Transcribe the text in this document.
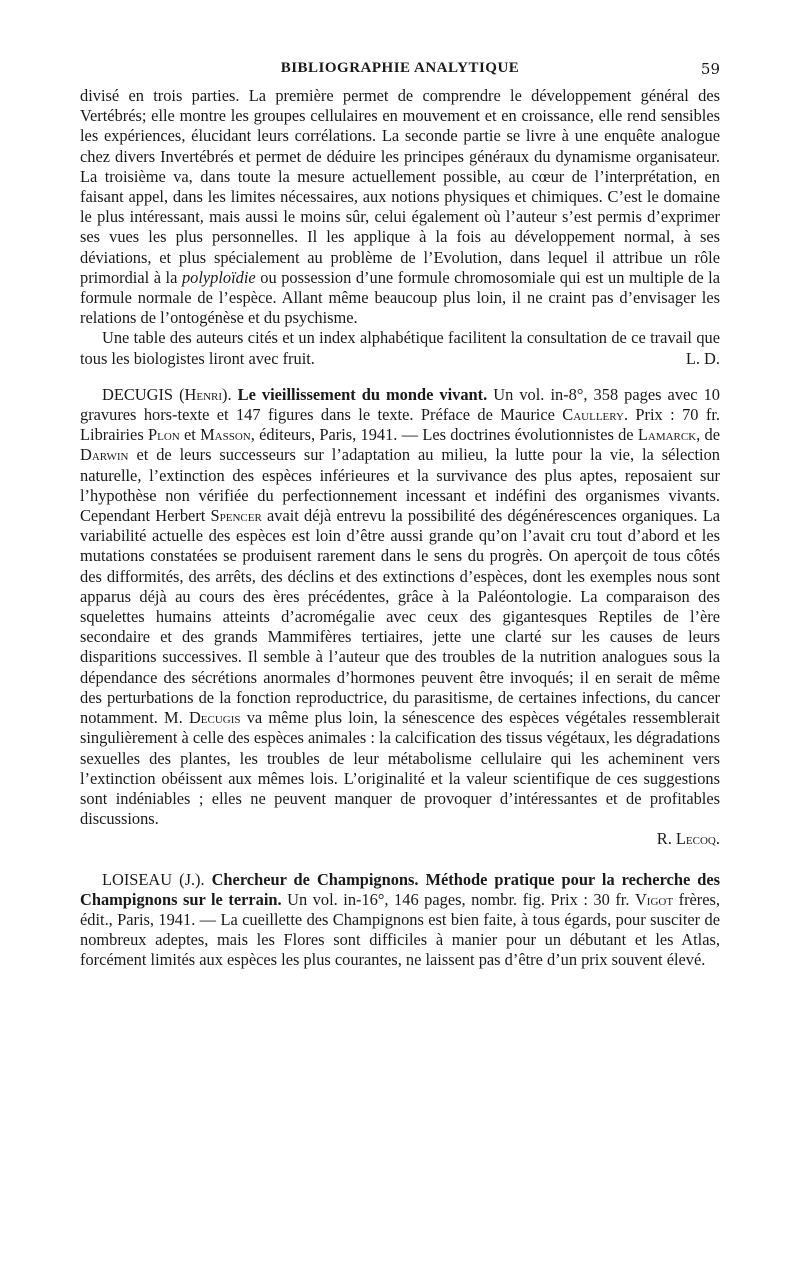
BIBLIOGRAPHIE ANALYTIQUE	59

divisé en trois parties. La première permet de comprendre le développement général des Vertébrés; elle montre les groupes cellulaires en mouvement et en croissance, elle rend sensibles les expériences, élucidant leurs corrélations. La seconde partie se livre à une enquête analogue chez divers Invertébrés et permet de déduire les principes généraux du dynamisme organisateur. La troisième va, dans toute la mesure actuellement possible, au cœur de l’interprétation, en faisant appel, dans les limites nécessaires, aux notions physiques et chimiques. C’est le domaine le plus intéressant, mais aussi le moins sûr, celui également où l’auteur s’est permis d’exprimer ses vues les plus personnelles. Il les applique à la fois au développement normal, à ses déviations, et plus spécialement au problème de l’Evolution, dans lequel il attribue un rôle primordial à la polyploïdie ou possession d’une formule chromosomiale qui est un multiple de la formule normale de l’espèce. Allant même beaucoup plus loin, il ne craint pas d’envisager les relations de l’ontogénèse et du psychisme.

Une table des auteurs cités et un index alphabétique facilitent la consultation de ce travail que tous les biologistes liront avec fruit.	L. D.

DECUGIS (Henri). Le vieillissement du monde vivant. Un vol. in-8°, 358 pages avec 10 gravures hors-texte et 147 figures dans le texte. Préface de Maurice Caullery. Prix : 70 fr. Librairies Plon et Masson, éditeurs, Paris, 1941. — Les doctrines évolutionnistes de Lamarck, de Darwin et de leurs successeurs sur l’adaptation au milieu, la lutte pour la vie, la sélection naturelle, l’extinction des espèces inférieures et la survivance des plus aptes, reposaient sur l’hypothèse non vérifiée du perfectionnement incessant et indéfini des organismes vivants. Cependant Herbert Spencer avait déjà entrevu la possibilité des dégénérescences organiques. La variabilité actuelle des espèces est loin d’être aussi grande qu’on l’avait cru tout d’abord et les mutations constatées se produisent rarement dans le sens du progrès. On aperçoit de tous côtés des difformités, des arrêts, des déclins et des extinctions d’espèces, dont les exemples nous sont apparus déjà au cours des ères précédentes, grâce à la Paléontologie. La comparaison des squelettes humains atteints d’acromégalie avec ceux des gigantesques Reptiles de l’ère secondaire et des grands Mammifères tertiaires, jette une clarté sur les causes de leurs disparitions successives. Il semble à l’auteur que des troubles de la nutrition analogues sous la dépendance des sécrétions anormales d’hormones peuvent être invoqués; il en serait de même des perturbations de la fonction reproductrice, du parasitisme, de certaines infections, du cancer notamment. M. Decugis va même plus loin, la sénescence des espèces végétales ressemblerait singulièrement à celle des espèces animales : la calcification des tissus végétaux, les dégradations sexuelles des plantes, les troubles de leur métabolisme cellulaire qui les acheminent vers l’extinction obéissent aux mêmes lois. L’originalité et la valeur scientifique de ces suggestions sont indéniables ; elles ne peuvent manquer de provoquer d’intéressantes et de profitables discussions.

R. Lecoq.

LOISEAU (J.). Chercheur de Champignons. Méthode pratique pour la recherche des Champignons sur le terrain. Un vol. in-16°, 146 pages, nombr. fig. Prix : 30 fr. Vigot frères, édit., Paris, 1941. — La cueillette des Champignons est bien faite, à tous égards, pour susciter de nombreux adeptes, mais les Flores sont difficiles à manier pour un débutant et les Atlas, forcément limités aux espèces les plus courantes, ne laissent pas d’être d’un prix souvent élevé.
